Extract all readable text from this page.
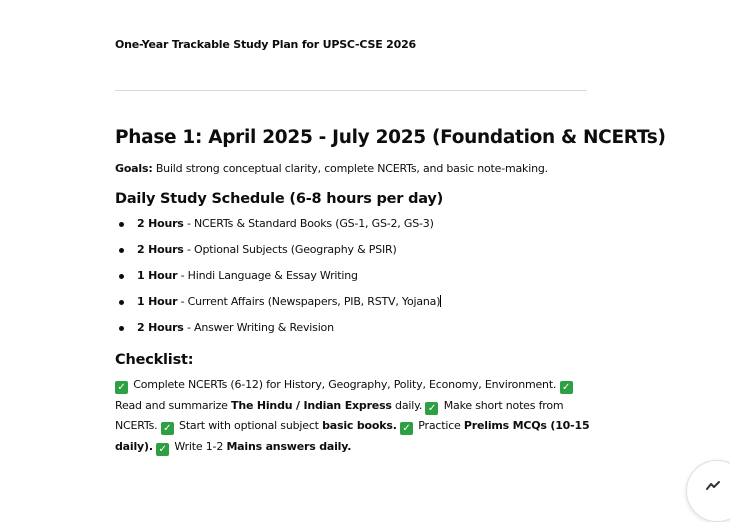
One-Year Trackable Study Plan for UPSC-CSE 2026
Phase 1: April 2025 - July 2025 (Foundation & NCERTs)
Goals: Build strong conceptual clarity, complete NCERTs, and basic note-making.
Daily Study Schedule (6-8 hours per day)
2 Hours - NCERTs & Standard Books (GS-1, GS-2, GS-3)
2 Hours - Optional Subjects (Geography & PSIR)
1 Hour - Hindi Language & Essay Writing
1 Hour - Current Affairs (Newspapers, PIB, RSTV, Yojana)
2 Hours - Answer Writing & Revision
Checklist:
✓ Complete NCERTs (6-12) for History, Geography, Polity, Economy, Environment. ✓ Read and summarize The Hindu / Indian Express daily. ✓ Make short notes from NCERTs. ✓ Start with optional subject basic books. ✓ Practice Prelims MCQs (10-15 daily). ✓ Write 1-2 Mains answers daily.
